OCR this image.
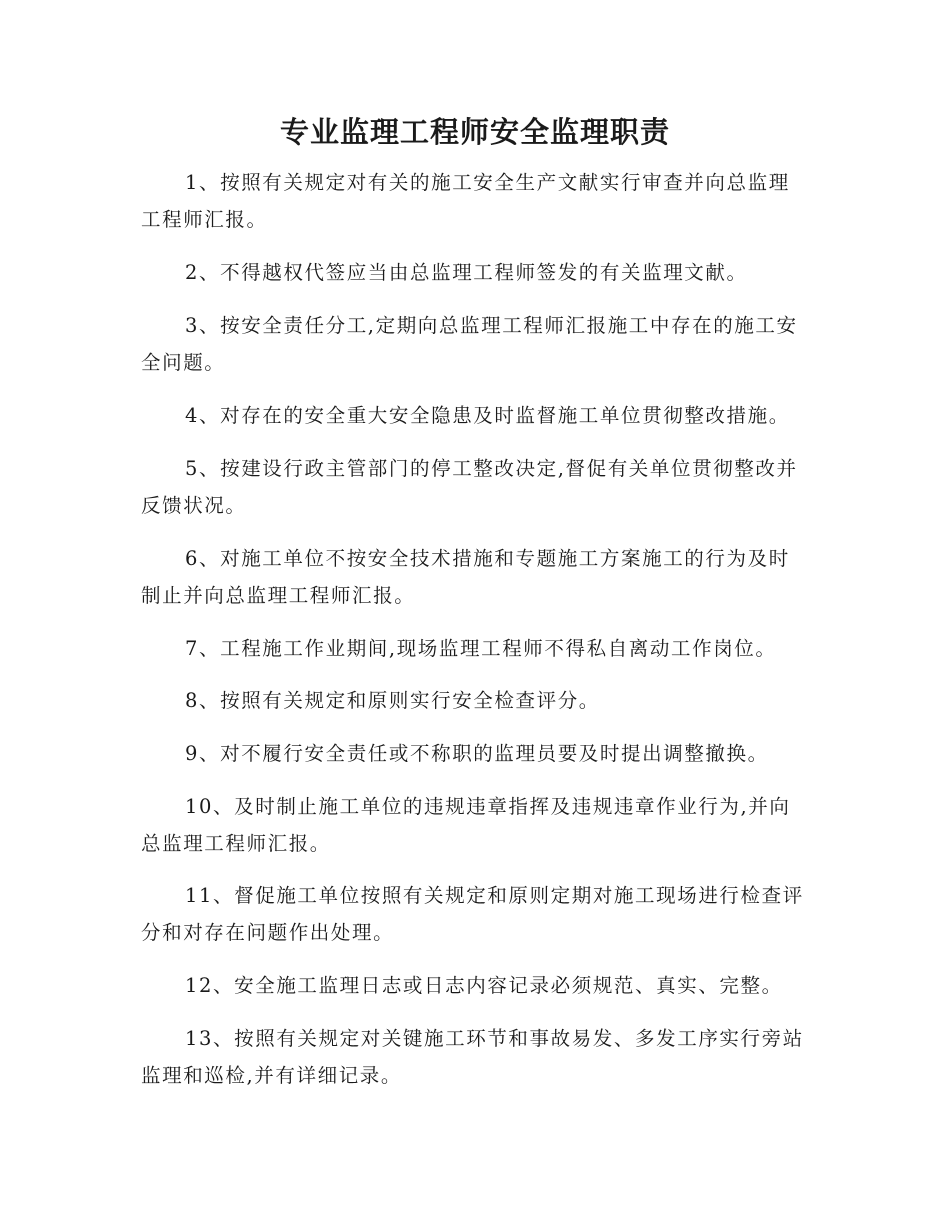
专业监理工程师安全监理职责

1、按照有关规定对有关的施工安全生产文献实行审查并向总监理工程师汇报。

2、不得越权代签应当由总监理工程师签发的有关监理文献。

3、按安全责任分工,定期向总监理工程师汇报施工中存在的施工安全问题。

4、对存在的安全重大安全隐患及时监督施工单位贯彻整改措施。

5、按建设行政主管部门的停工整改决定,督促有关单位贯彻整改并反馈状况。

6、对施工单位不按安全技术措施和专题施工方案施工的行为及时制止并向总监理工程师汇报。

7、工程施工作业期间,现场监理工程师不得私自离动工作岗位。

8、按照有关规定和原则实行安全检查评分。

9、对不履行安全责任或不称职的监理员要及时提出调整撤换。

10、及时制止施工单位的违规违章指挥及违规违章作业行为,并向总监理工程师汇报。

11、督促施工单位按照有关规定和原则定期对施工现场进行检查评分和对存在问题作出处理。

12、安全施工监理日志或日志内容记录必须规范、真实、完整。

13、按照有关规定对关键施工环节和事故易发、多发工序实行旁站监理和巡检,并有详细记录。
